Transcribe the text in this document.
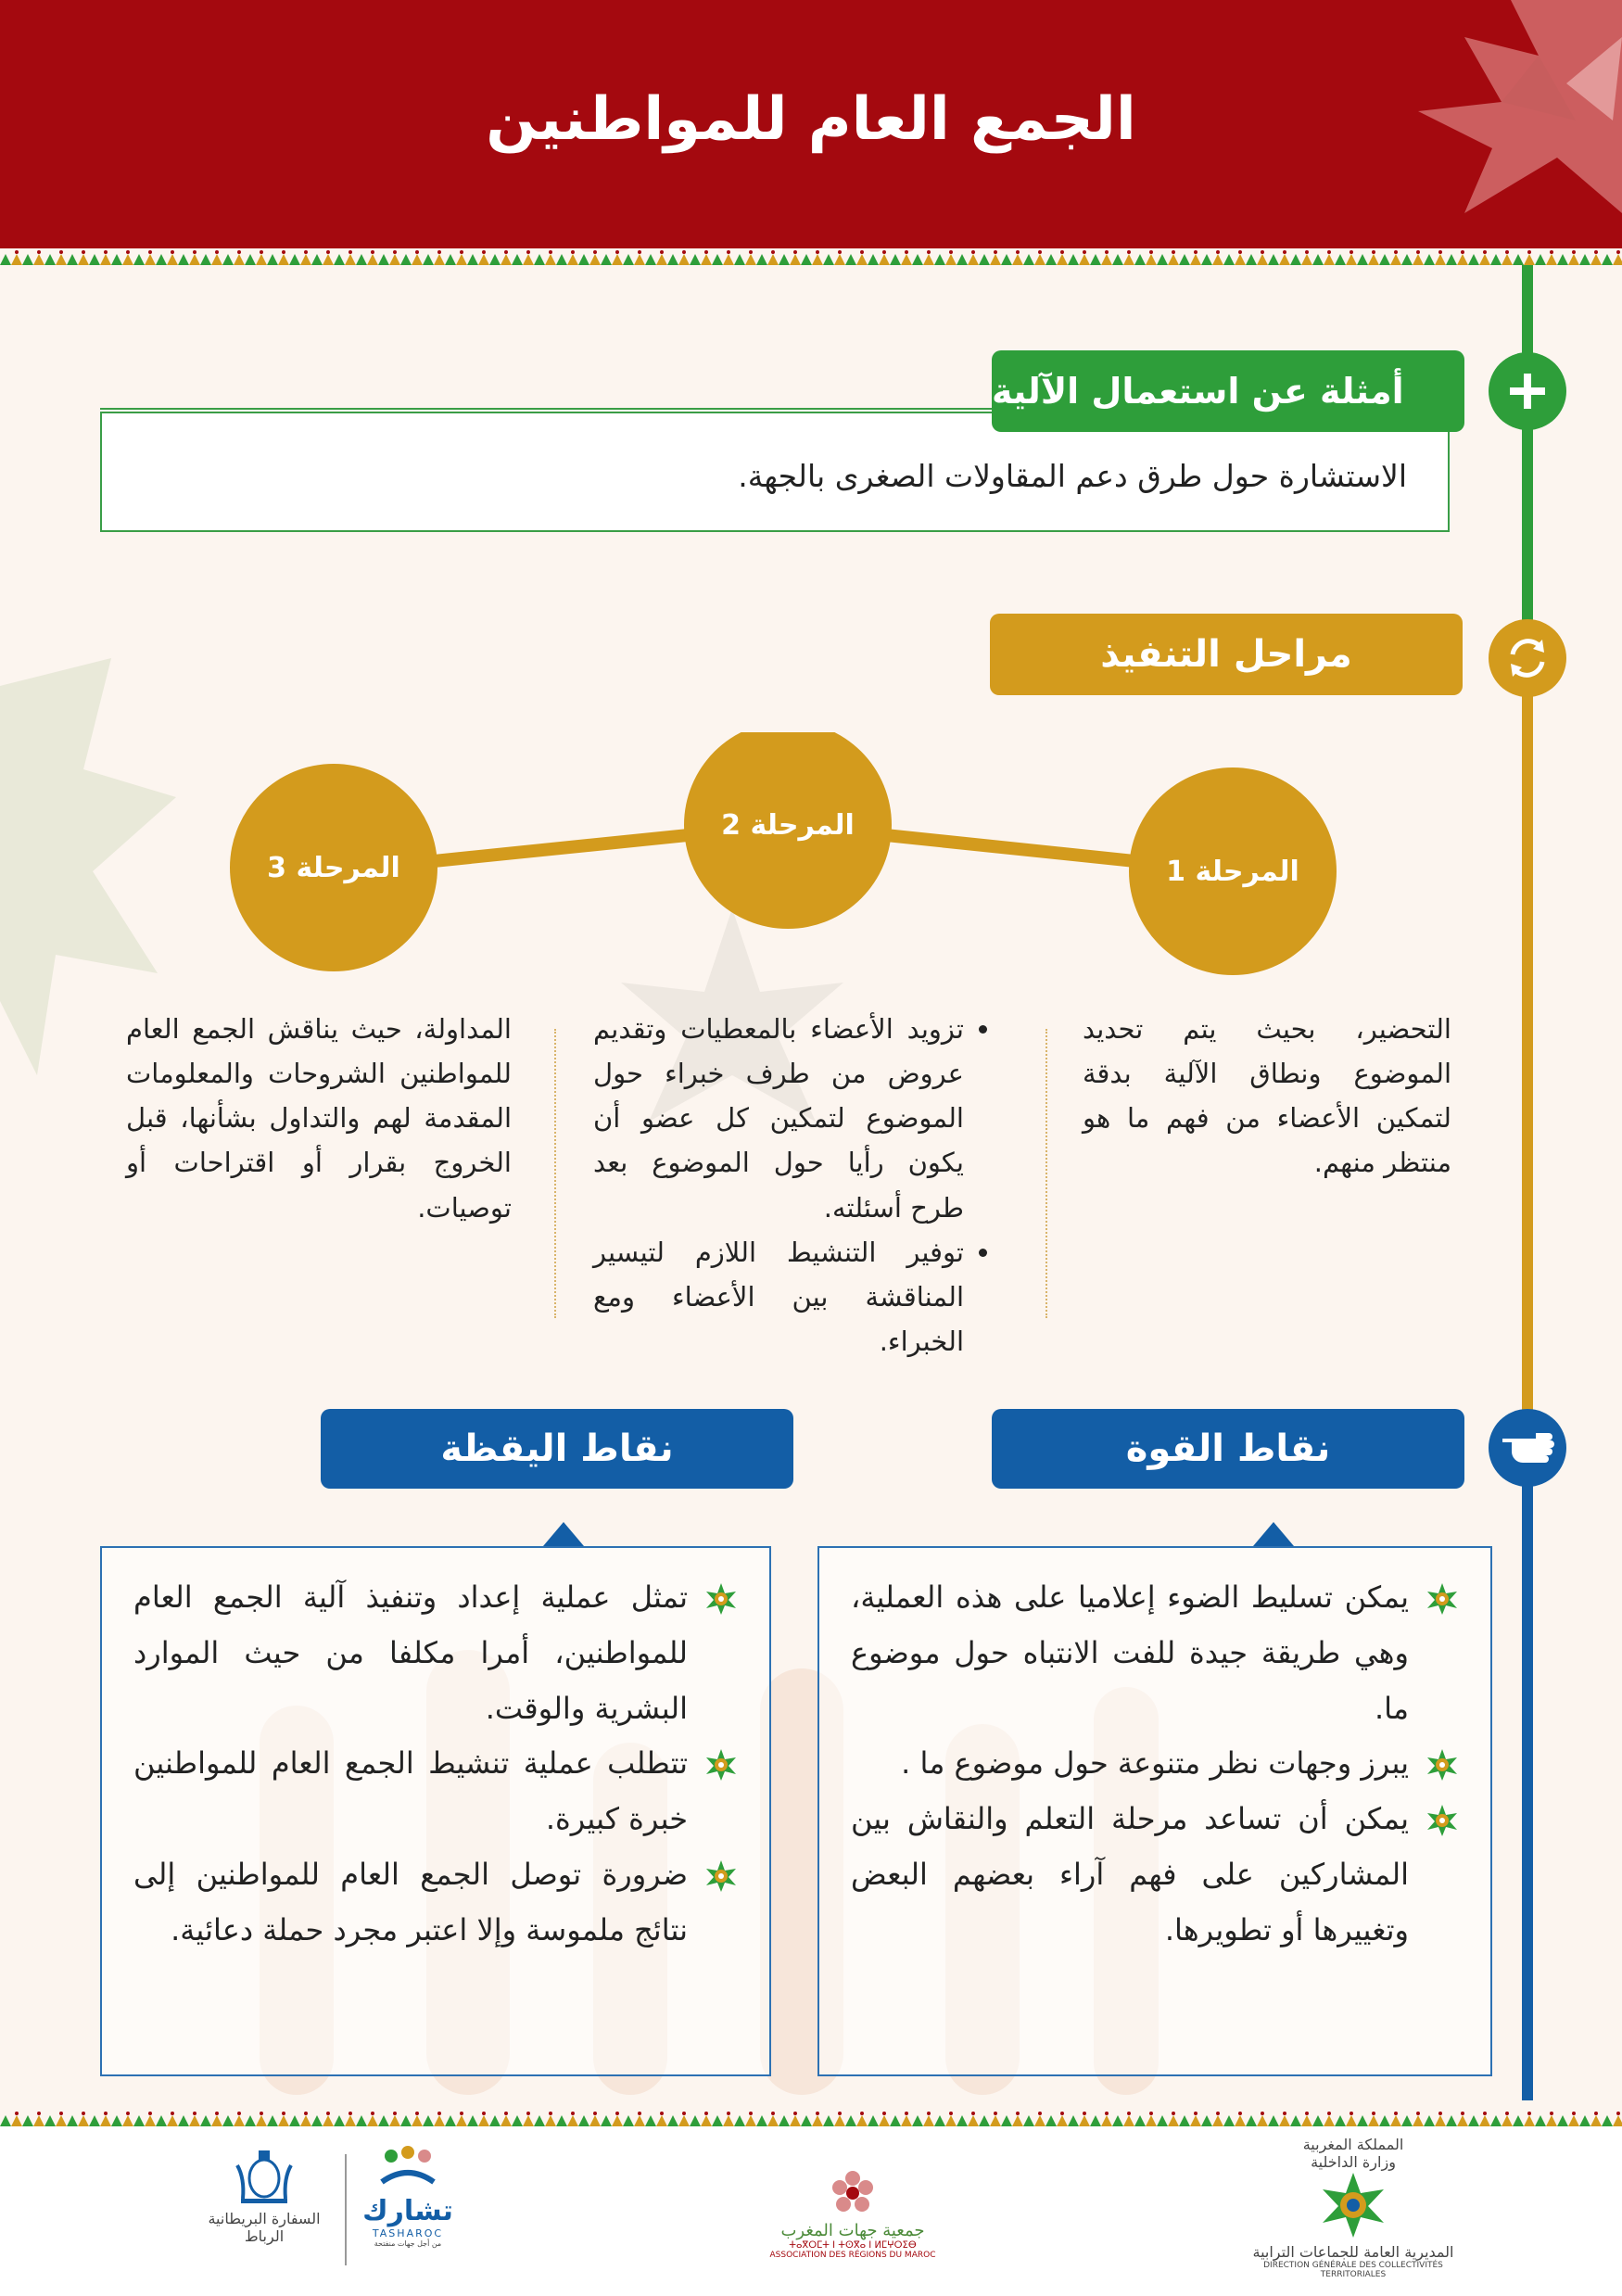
الجمع العام للمواطنين

الاستشارة حول طرق دعم المقاولات الصغرى بالجهة.

أمثلة عن استعمال الآلية
مراحل التنفيذ
المرحلة 1
المرحلة 2
المرحلة 3

التحضير، بحيث يتم تحديد الموضوع ونطاق الآلية بدقة لتمكين الأعضاء من فهم ما هو منتظر منهم.

• تزويد الأعضاء بالمعطيات وتقديم عروض من طرف خبراء حول الموضوع لتمكين كل عضو أن يكون رأيا حول الموضوع بعد طرح أسئلته.
• توفير التنشيط اللازم لتيسير المناقشة بين الأعضاء ومع الخبراء.

المداولة، حيث يناقش الجمع العام للمواطنين الشروحات والمعلومات المقدمة لهم والتداول بشأنها، قبل الخروج بقرار أو اقتراحات أو توصيات.

نقاط القوة
نقاط اليقظة
يمكن تسليط الضوء إعلاميا على هذه العملية، وهي طريقة جيدة للفت الانتباه حول موضوع ما.
يبرز وجهات نظر متنوعة حول موضوع ما .
يمكن أن تساعد مرحلة التعلم والنقاش بين المشاركين على فهم آراء بعضهم البعض وتغييرها أو تطويرها.
تمثل عملية إعداد وتنفيذ آلية الجمع العام للمواطنين، أمرا مكلفا من حيث الموارد البشرية والوقت.
تتطلب عملية تنشيط الجمع العام للمواطنين خبرة كبيرة.
ضرورة توصل الجمع العام للمواطنين إلى نتائج ملموسة وإلا اعتبر مجرد حملة دعائية.
المملكة المغربية
وزارة الداخلية
المديرية العامة للجماعات الترابية
DIRECTION GÉNÉRALE DES COLLECTIVITÉS TERRITORIALES
جمعية جهات المغرب
ⵜⴰⴳⵔⵎⵜ ⵏ ⵜⵙⴳⴰ ⵏ ⵍⵎⵖⵔⵉⴱ
ASSOCIATION DES RÉGIONS DU MAROC
تشارك
TASHAROC
من أجل جهات منفتحة
السفارة البريطانية
الرباط
